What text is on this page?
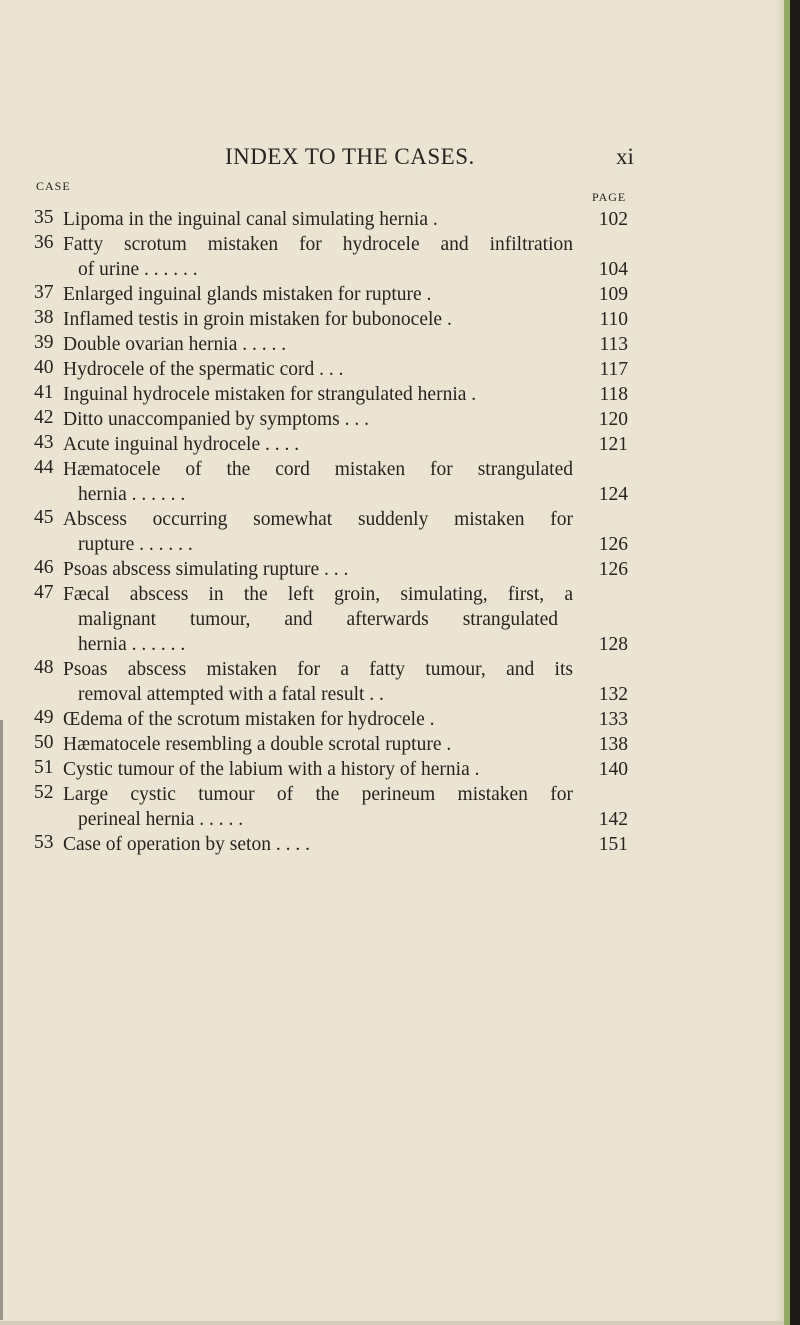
INDEX TO THE CASES.	xi
CASE
PAGE
35 Lipoma in the inguinal canal simulating hernia .	102
36 Fatty scrotum mistaken for hydrocele and infiltration
of urine . . . . . .	104
37 Enlarged inguinal glands mistaken for rupture .	109
38 Inflamed testis in groin mistaken for bubonocele .	110
39 Double ovarian hernia . . . . .	113
40 Hydrocele of the spermatic cord . . .	117
41 Inguinal hydrocele mistaken for strangulated hernia .	118
42 Ditto unaccompanied by symptoms . . .	120
43 Acute inguinal hydrocele . . . .	121
44 Hæmatocele of the cord mistaken for strangulated
hernia . . . . . .	124
45 Abscess occurring somewhat suddenly mistaken for
rupture . . . . . .	126
46 Psoas abscess simulating rupture . . .	126
47 Fæcal abscess in the left groin, simulating, first, a
malignant tumour, and afterwards strangulated
hernia . . . . . .	128
48 Psoas abscess mistaken for a fatty tumour, and its
removal attempted with a fatal result . .	132
49 Œdema of the scrotum mistaken for hydrocele .	133
50 Hæmatocele resembling a double scrotal rupture .	138
51 Cystic tumour of the labium with a history of hernia .	140
52 Large cystic tumour of the perineum mistaken for
perineal hernia . . . . .	142
53 Case of operation by seton . . . .	151
